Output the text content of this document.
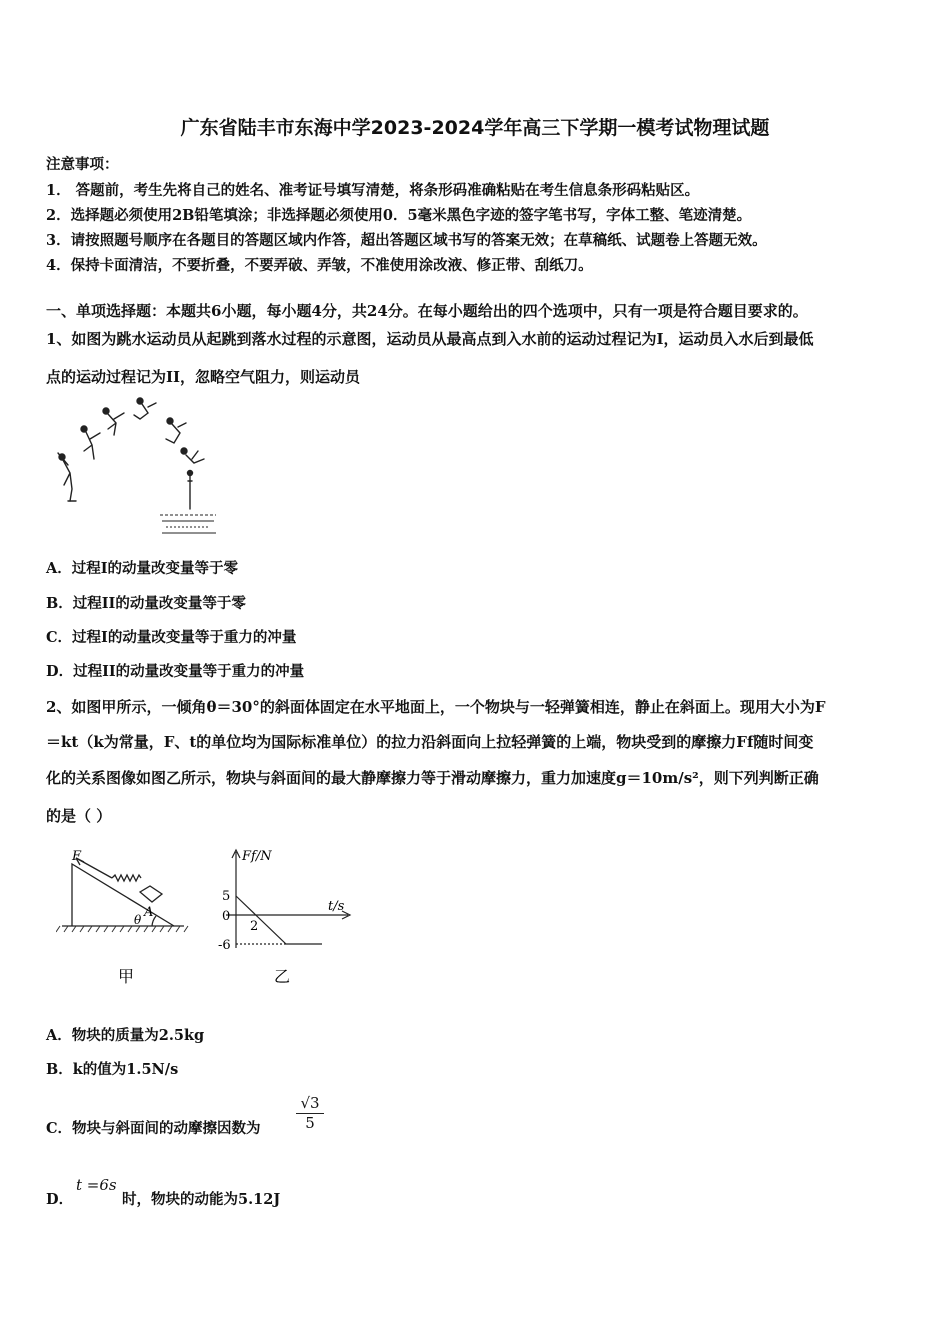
广东省陆丰市东海中学2023-2024学年高三下学期一模考试物理试题
注意事项：
1． 答题前，考生先将自己的姓名、准考证号填写清楚，将条形码准确粘贴在考生信息条形码粘贴区。
2．选择题必须使用2B铅笔填涂；非选择题必须使用0．5毫米黑色字迹的签字笔书写，字体工整、笔迹清楚。
3．请按照题号顺序在各题目的答题区域内作答，超出答题区域书写的答案无效；在草稿纸、试题卷上答题无效。
4．保持卡面清洁，不要折叠，不要弄破、弄皱，不准使用涂改液、修正带、刮纸刀。
一、单项选择题：本题共6小题，每小题4分，共24分。在每小题给出的四个选项中，只有一项是符合题目要求的。
1、如图为跳水运动员从起跳到落水过程的示意图，运动员从最高点到入水前的运动过程记为I，运动员入水后到最低
点的运动过程记为II，忽略空气阻力，则运动员
A．过程I的动量改变量等于零
B．过程II的动量改变量等于零
C．过程I的动量改变量等于重力的冲量
D．过程II的动量改变量等于重力的冲量
2、如图甲所示，一倾角θ＝30°的斜面体固定在水平地面上，一个物块与一轻弹簧相连，静止在斜面上。现用大小为F
＝kt（k为常量，F、t的单位均为国际标准单位）的拉力沿斜面向上拉轻弹簧的上端，物块受到的摩擦力Ff随时间变
化的关系图像如图乙所示，物块与斜面间的最大静摩擦力等于滑动摩擦力，重力加速度g＝10m/s²，则下列判断正确
的是（ ）
F
A
θ
甲
Ff/N
t/s
5
0
-6
2
乙
A．物块的质量为2.5kg
B．k的值为1.5N/s
C．物块与斜面间的动摩擦因数为 $\frac{√3}{5}$
D．
t =6s
时，物块的动能为5.12J
